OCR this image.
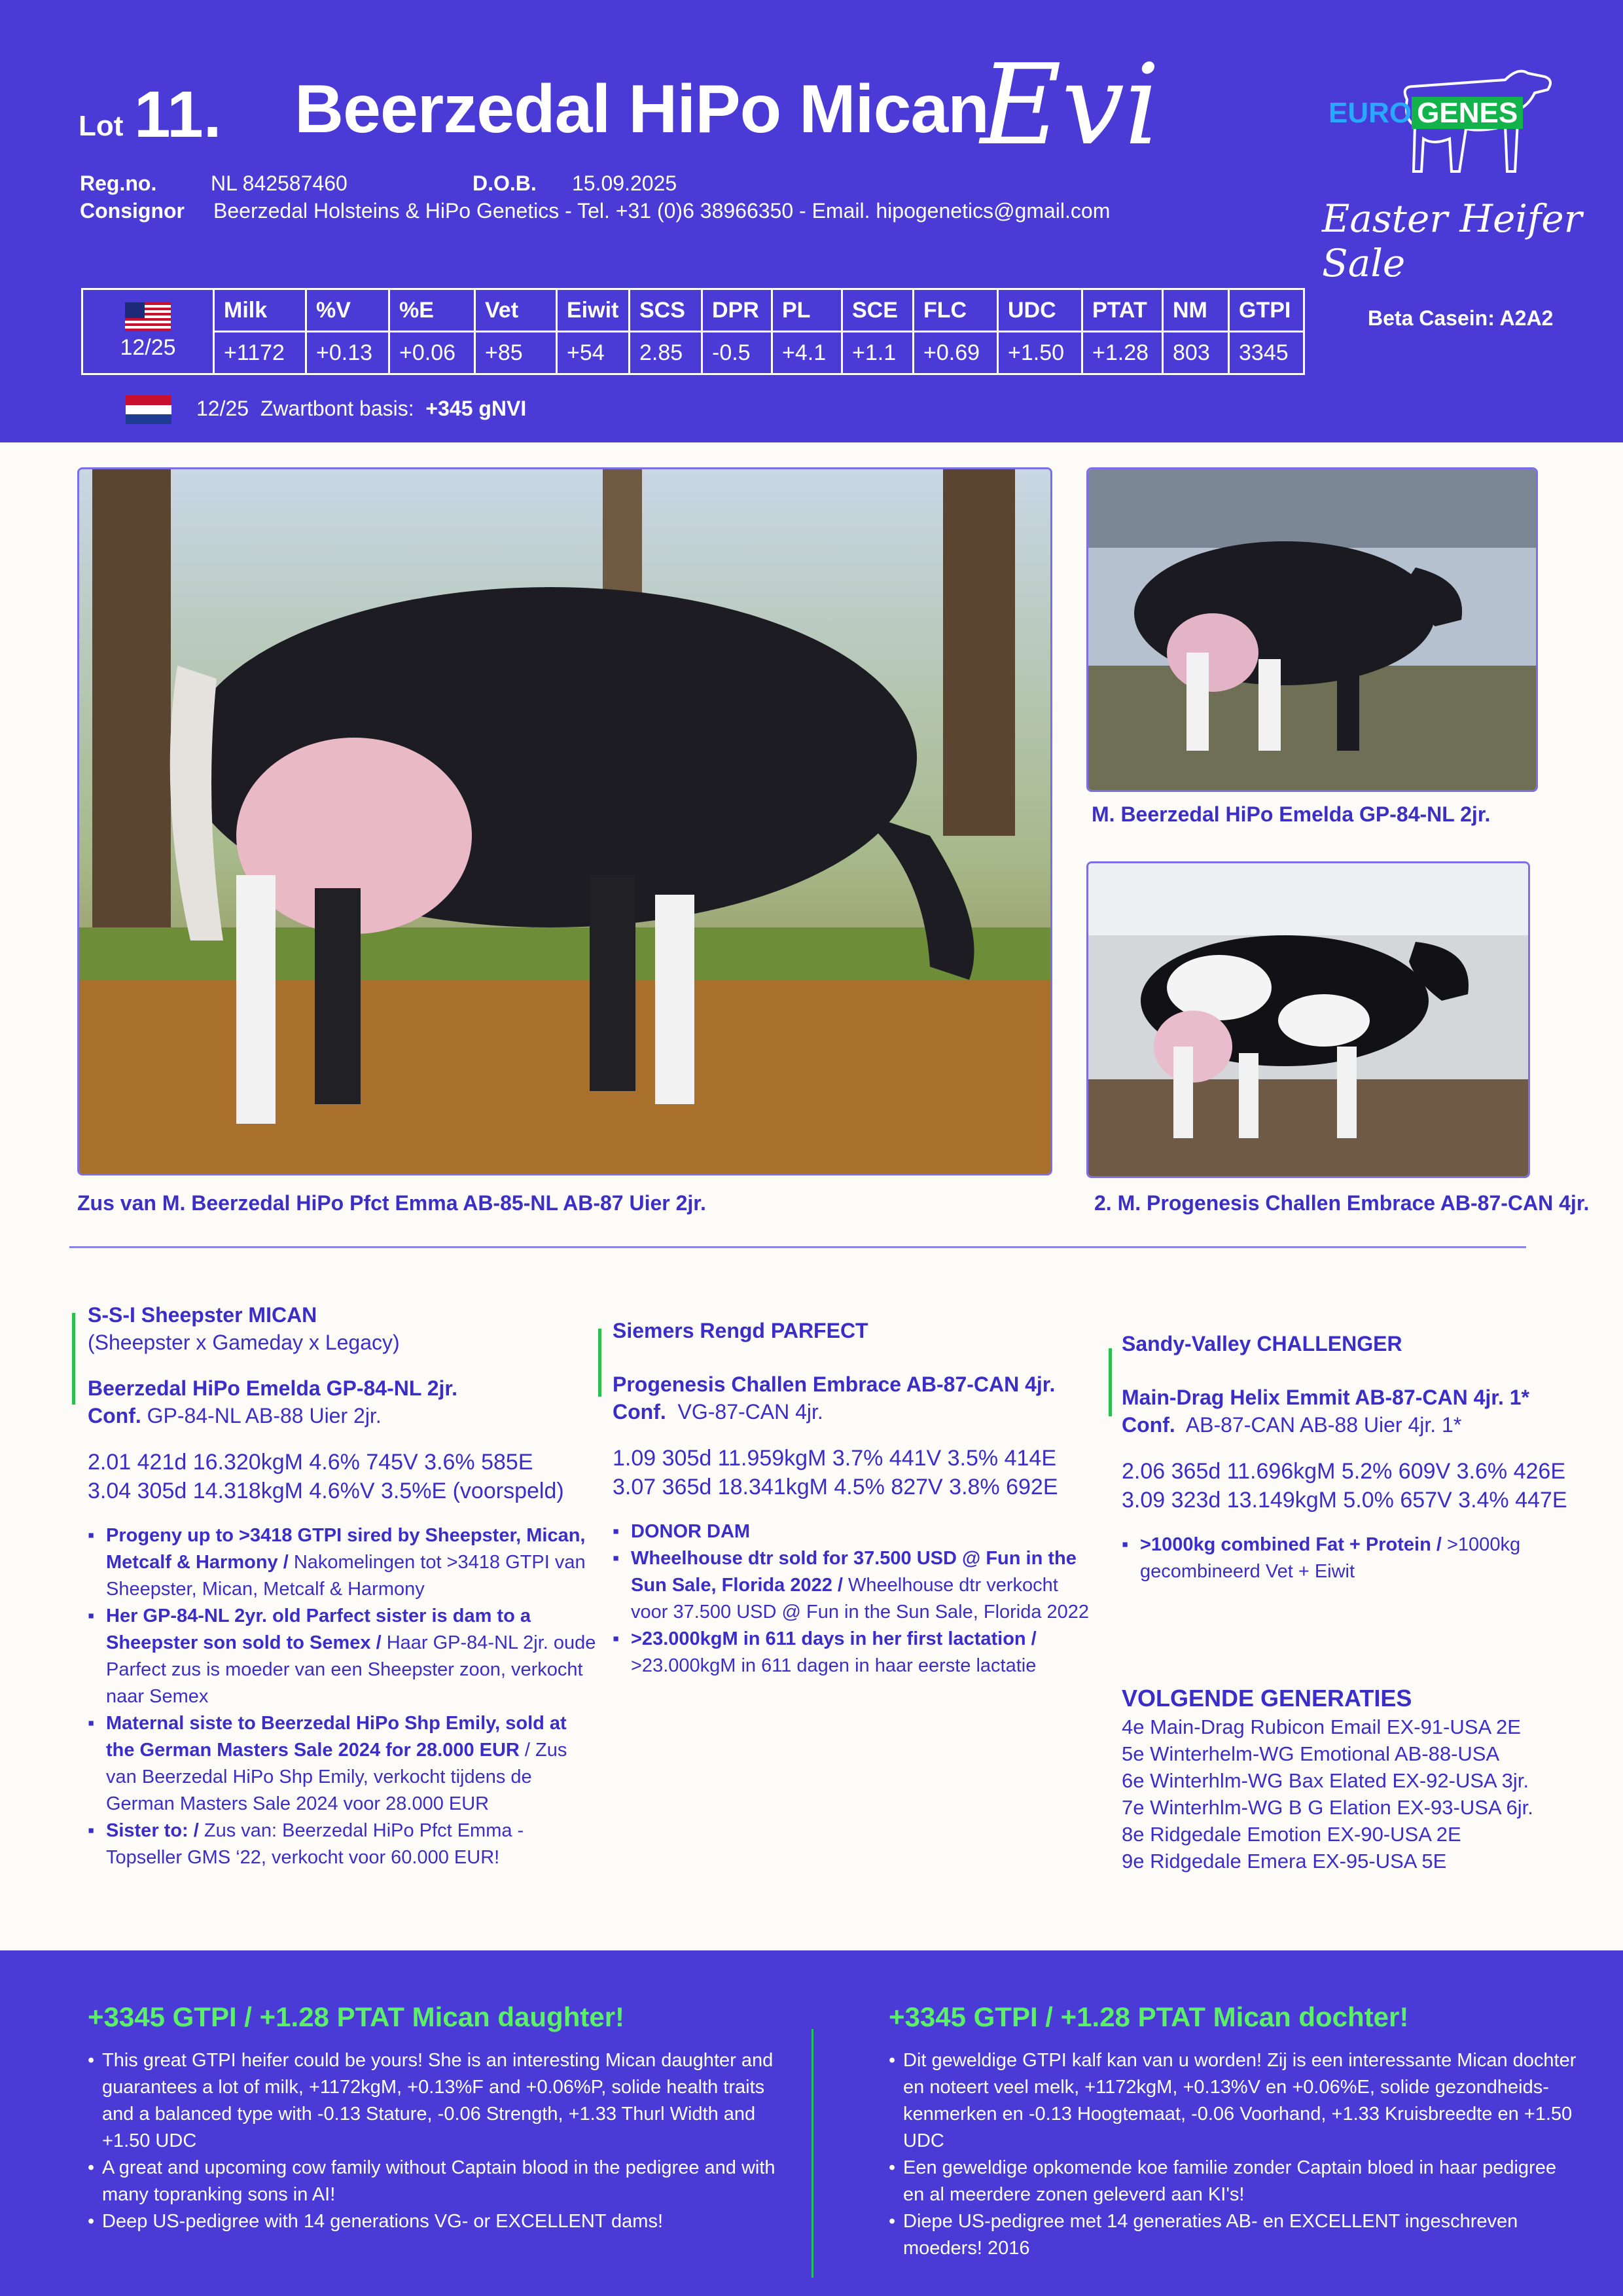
Lot 11. Beerzedal HiPo Mican
Evi
Reg.no.	NL 842587460	D.O.B. 15.09.2025
Consignor Beerzedal Holsteins & HiPo Genetics - Tel. +31 (0)6 38966350 - Email. hipogenetics@gmail.com
EURO GENES
Easter Heifer Sale
12/25	Milk	%V	%E	Vet	Eiwit	SCS	DPR	PL	SCE	FLC	UDC	PTAT	NM	GTPI
	+1172	+0.13	+0.06	+85	+54	2.85	-0.5	+4.1	+1.1	+0.69	+1.50	+1.28	803	3345
Beta Casein: A2A2
12/25 Zwartbont basis: +345 gNVI
M. Beerzedal HiPo Emelda GP-84-NL 2jr.
Zus van M. Beerzedal HiPo Pfct Emma AB-85-NL AB-87 Uier 2jr.	2. M. Progenesis Challen Embrace AB-87-CAN 4jr.
S-S-I Sheepster MICAN
(Sheepster x Gameday x Legacy)
Beerzedal HiPo Emelda GP-84-NL 2jr.
Conf. GP-84-NL AB-88 Uier 2jr.
2.01 421d 16.320kgM 4.6% 745V 3.6% 585E
3.04 305d 14.318kgM 4.6%V 3.5%E (voorspeld)
▪ Progeny up to >3418 GTPI sired by Sheepster, Mican, Metcalf & Harmony / Nakomelingen tot >3418 GTPI van Sheepster, Mican, Metcalf & Harmony
▪ Her GP-84-NL 2yr. old Parfect sister is dam to a Sheepster son sold to Semex / Haar GP-84-NL 2jr. oude Parfect zus is moeder van een Sheepster zoon, verkocht naar Semex
▪ Maternal siste to Beerzedal HiPo Shp Emily, sold at the German Masters Sale 2024 for 28.000 EUR / Zus van Beerzedal HiPo Shp Emily, verkocht tijdens de German Masters Sale 2024 voor 28.000 EUR
▪ Sister to: / Zus van: Beerzedal HiPo Pfct Emma - Topseller GMS ‘22, verkocht voor 60.000 EUR!
Siemers Rengd PARFECT
Progenesis Challen Embrace AB-87-CAN 4jr.
Conf. VG-87-CAN 4jr.
1.09 305d 11.959kgM 3.7% 441V 3.5% 414E
3.07 365d 18.341kgM 4.5% 827V 3.8% 692E
▪ DONOR DAM
▪ Wheelhouse dtr sold for 37.500 USD @ Fun in the Sun Sale, Florida 2022 / Wheelhouse dtr verkocht voor 37.500 USD @ Fun in the Sun Sale, Florida 2022
▪ >23.000kgM in 611 days in her first lactation / >23.000kgM in 611 dagen in haar eerste lactatie
Sandy-Valley CHALLENGER
Main-Drag Helix Emmit AB-87-CAN 4jr. 1*
Conf. AB-87-CAN AB-88 Uier 4jr. 1*
2.06 365d 11.696kgM 5.2% 609V 3.6% 426E
3.09 323d 13.149kgM 5.0% 657V 3.4% 447E
▪ >1000kg combined Fat + Protein / >1000kg gecombineerd Vet + Eiwit
VOLGENDE GENERATIES
4e Main-Drag Rubicon Email EX-91-USA 2E
5e Winterhelm-WG Emotional AB-88-USA
6e Winterhlm-WG Bax Elated EX-92-USA 3jr.
7e Winterhlm-WG B G Elation EX-93-USA 6jr.
8e Ridgedale Emotion EX-90-USA 2E
9e Ridgedale Emera EX-95-USA 5E
+3345 GTPI / +1.28 PTAT Mican daughter!
• This great GTPI heifer could be yours! She is an interesting Mican daughter and guarantees a lot of milk, +1172kgM, +0.13%F and +0.06%P, solide health traits and a balanced type with -0.13 Stature, -0.06 Strength, +1.33 Thurl Width and +1.50 UDC
• A great and upcoming cow family without Captain blood in the pedigree and with many topranking sons in AI!
• Deep US-pedigree with 14 generations VG- or EXCELLENT dams!
+3345 GTPI / +1.28 PTAT Mican dochter!
• Dit geweldige GTPI kalf kan van u worden! Zij is een interessante Mican dochter en noteert veel melk, +1172kgM, +0.13%V en +0.06%E, solide gezondheids-kenmerken en -0.13 Hoogtemaat, -0.06 Voorhand, +1.33 Kruisbreedte en +1.50 UDC
• Een geweldige opkomende koe familie zonder Captain bloed in haar pedigree en al meerdere zonen geleverd aan KI's!
• Diepe US-pedigree met 14 generaties AB- en EXCELLENT ingeschreven moeders! 2016
